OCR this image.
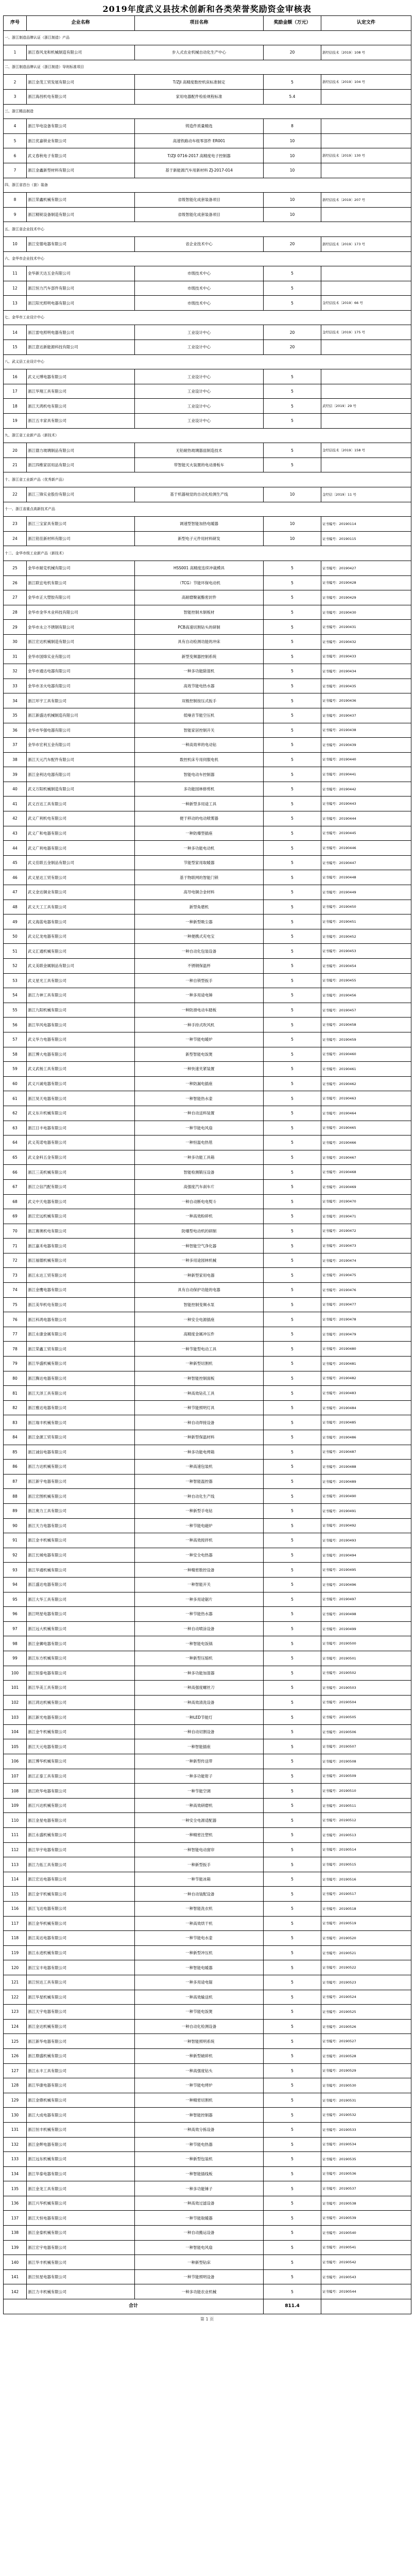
2019年度武义县技术创新和各类荣誉奖励资金审核表
序号	企业名称	项目名称	奖励金额（万元）	认定文件
一、浙江制造品牌认证（浙江制造）产品				
1	浙江春风龙和机械制造有限公司	步入式农业机械自动化生产中心	20	浙经信技术〔2019〕108 号
二、浙江制造品牌认证（浙江制造）导则标准项目				
2	浙江金茂工贸发展有限公司	T/ZJI 高精度数控机床标准制定	5	浙经信技术〔2019〕104 号
3	浙江海昌机电有限公司	家用电器配件检验规程标准	5.4	
三、浙江精品制造				
4	浙江华电设备有限公司	铸造件质量精选	8	
5	浙江优嘉锁业有限公司	高速铁路动车组零部件 ER001	10	
6	武义春秋电子有限公司	T/ZJI 0716-2017 高精度电子控制器	10	浙经信技术〔2019〕130 号
7	浙江金鑫新型材料有限公司	基于新能源汽车用新材料 ZJ-2017-014	10	
四、浙江省首台（套）装备				
8	浙江荣鑫机械有限公司	省级智能化成套装备项目	10	浙经信技术〔2019〕207 号
9	浙江精锐设备制造有限公司	省级智能化成套装备项目	10	
五、浙江省企业技术中心				
10	浙江安德电器有限公司	省企业技术中心	20	浙经信技术〔2019〕173 号
六、金华市企业技术中心				
11	金华新天达五金有限公司	市级技术中心	5	
12	浙江恒力汽车部件有限公司	市级技术中心	5	
13	浙江阳光照明电器有限公司	市级技术中心	5	金经信技术〔2019〕66 号
七、金华市工业设计中心				
14	浙江雷电照明电器有限公司	工业设计中心	20	金经信技术〔2019〕175 号
15	浙江意达新能源科技有限公司	工业设计中心	20	
八、武义县工业设计中心				
16	武义元博电器有限公司	工业设计中心	5	
17	浙江华翔工具有限公司	工业设计中心	5	
18	浙江天鸿机电有限公司	工业设计中心	5	武经信〔2019〕29 号
19	浙江五丰家具有限公司	工业设计中心	5	
九、浙江省工业新产品（新技术）				
20	浙江德力玻璃制品有限公司	无铅耐热玻璃器皿制造技术	5	金经信技术〔2019〕158 号
21	浙江四维家居用品有限公司	带智能灭火装置的电动滑板车	5	
十、浙江省工业新产品（优秀新产品）				
22	浙江三锋实业股份有限公司	基于机器视觉的自动化检测生产线	10	金经信〔2019〕11 号
十一、浙江省重点高新技术产品				
23	浙江三宝家具有限公司	调速型智能加热电暖器	10	证书编号：20190114
24	浙江铭佳新材料有限公司	新型电子元件用材料研发	10	证书编号：20190115
十二、金华市级工业新产品（新技术）				
25	金华市耐克机械有限公司	HSS001 高精度连续冲裁模具	5	证书编号：20190427
26	浙江联宜电机有限公司	（TCG）节能环保电动机	5	证书编号：20190428
27	金华市正大塑胶有限公司	高耐磨聚氨酯密封件	5	证书编号：20190429
28	金华市金华木业科技有限公司	智能控制木制板材	5	证书编号：20190430
29	金华市永立不锈钢有限公司	PCB高速切割钻头的研制	5	证书编号：20190431
30	浙江宏达机械制造有限公司	具有自动检测功能的冲床	5	证书编号：20190432
31	金华市国烽实业有限公司	新型变频器控制系统	5	证书编号：20190433
32	金华市通达电器有限公司	一种多功能除湿机	5	证书编号：20190434
33	金华市圣火电器有限公司	高效节能电热水器	5	证书编号：20190435
34	浙江环宇工具有限公司	双极控制按压式扳手	5	证书编号：20190436
35	浙江新盛达机械制造有限公司	低噪音节能空压机	5	证书编号：20190437
36	金华市华强电器有限公司	智能家居控制开关	5	证书编号：20190438
37	金华市宏利五金有限公司	一种高效率的电动钻	5	证书编号：20190439
38	浙江天元汽车配件有限公司	数控机床专用伺服电机	5	证书编号：20190440
39	浙江金利达电器有限公司	智能电动车控制器	5	证书编号：20190441
40	武义万阳机械制造有限公司	多功能园林修剪机	5	证书编号：20190442
41	武义百达工具有限公司	一种新型多用途工具	5	证书编号：20190443
42	武义广利机电有限公司	便于移动的电动喷雾器	5	证书编号：20190444
43	武义广和电器有限公司	一种防爆型插座	5	证书编号：20190445
44	武义广利电器有限公司	一种多功能电动机	5	证书编号：20190446
45	武义佳联五金制品有限公司	节能型家用取暖器	5	证书编号：20190447
46	武义星达工贸有限公司	基于物联网的智能门锁	5	证书编号：20190448
47	武义金达铜业有限公司	高导电铜合金材料	5	证书编号：20190449
48	武义天工工具有限公司	新型角磨机	5	证书编号：20190450
49	武义海蓝电器有限公司	一种新型吸尘器	5	证书编号：20190451
50	武义亿龙电器有限公司	一种便携式充电宝	5	证书编号：20190452
51	武义汇通机械有限公司	一种自动化包装设备	5	证书编号：20190453
52	武义美联金属制品有限公司	不锈钢保温杯	5	证书编号：20190454
53	武义星光工具有限公司	一种自锁型扳手	5	证书编号：20190455
54	浙江力神工具有限公司	一种多用途电锤	5	证书编号：20190456
55	浙江九阳机械有限公司	一种防滑电动车踏板	5	证书编号：20190457
56	浙江华风电器有限公司	一种手持式吹风机	5	证书编号：20190458
57	武义华力电器有限公司	一种节能电暖炉	5	证书编号：20190459
58	浙江博大电器有限公司	新型智能电饭煲	5	证书编号：20190460
59	武义武杨工具有限公司	一种快速夹紧装置	5	证书编号：20190461
60	武义兴诚电器有限公司	一种防漏电插座	5	证书编号：20190462
61	浙江昊天电器有限公司	一种智能热水壶	5	证书编号：20190463
62	武义东升机械有限公司	一种自动送料装置	5	证书编号：20190464
63	浙江日丰电器有限公司	一种节能电风扇	5	证书编号：20190465
64	武义英诺电器有限公司	一种恒温电热毯	5	证书编号：20190466
65	武义金科五金有限公司	一种多功能工具箱	5	证书编号：20190467
66	浙江三美机械有限公司	智能检测锻压设备	5	证书编号：20190468
67	浙江立信汽配有限公司	高强度汽车刹车片	5	证书编号：20190469
68	武义中天电器有限公司	一种自动断电电熨斗	5	证书编号：20190470
69	浙江宏远机械有限公司	一种高效粉碎机	5	证书编号：20190471
70	浙江赛奥机电有限公司	防爆型电动机的研制	5	证书编号：20190472
71	浙江嘉禾电器有限公司	一种智能空气净化器	5	证书编号：20190473
72	浙江福德机械有限公司	一种多用途园林机械	5	证书编号：20190474
73	浙江永达工贸有限公司	一种新型家用电器	5	证书编号：20190475
74	浙江金鹰电器有限公司	具有自动保护功能的电器	5	证书编号：20190476
75	浙江美华机电有限公司	智能控制变频水泵	5	证书编号：20190477
76	浙江科鸿电器有限公司	一种安全电源插座	5	证书编号：20190478
77	浙江永康金属有限公司	高精度金属冲压件	5	证书编号：20190479
78	浙江荣鑫工贸有限公司	一种节能型电动工具	5	证书编号：20190480
79	浙江华盛机械有限公司	一种新型切割机	5	证书编号：20190481
80	浙江腾达电器有限公司	一种智能控制面板	5	证书编号：20190482
81	浙江天泽工具有限公司	一种高效钻孔工具	5	证书编号：20190483
82	浙江雅达电器有限公司	一种节能照明灯具	5	证书编号：20190484
83	浙江瑞丰机械有限公司	一种自动焊接设备	5	证书编号：20190485
84	浙江金源工贸有限公司	一种新型保温材料	5	证书编号：20190486
85	浙江诚信电器有限公司	一种多功能电烤箱	5	证书编号：20190487
86	浙江力达机械有限公司	一种高速包装机	5	证书编号：20190488
87	浙江新宇电器有限公司	一种智能温控器	5	证书编号：20190489
88	浙江宏图机械有限公司	一种自动化生产线	5	证书编号：20190490
89	浙江奥力工具有限公司	一种新型手电钻	5	证书编号：20190491
90	浙江天力电器有限公司	一种节能电磁炉	5	证书编号：20190492
91	浙江金丰机械有限公司	一种高效搅拌机	5	证书编号：20190493
92	浙江长城电器有限公司	一种安全电热器	5	证书编号：20190494
93	浙江华通机械有限公司	一种精密数控设备	5	证书编号：20190495
94	浙江盛达电器有限公司	一种智能开关	5	证书编号：20190496
95	浙江大华工具有限公司	一种多用途锯片	5	证书编号：20190497
96	浙江明星电器有限公司	一种节能热水器	5	证书编号：20190498
97	浙江远大机械有限公司	一种自动喷涂设备	5	证书编号：20190499
98	浙江金狮电器有限公司	一种智能电饭锅	5	证书编号：20190500
99	浙江东方机械有限公司	一种新型压缩机	5	证书编号：20190501
100	浙江恒泰电器有限公司	一种多功能加湿器	5	证书编号：20190502
101	浙江华美工具有限公司	一种高强度螺丝刀	5	证书编号：20190503
102	浙江鸿达机械有限公司	一种高效清洗设备	5	证书编号：20190504
103	浙江新光电器有限公司	一种LED节能灯	5	证书编号：20190505
104	浙江金牛机械有限公司	一种自动切割设备	5	证书编号：20190506
105	浙江天元电器有限公司	一种智能插座	5	证书编号：20190507
106	浙江博华机械有限公司	一种新型传送带	5	证书编号：20190508
107	浙江正泰工具有限公司	一种多功能钳子	5	证书编号：20190509
108	浙江欧华电器有限公司	一种节能空调	5	证书编号：20190510
109	浙江兴达机械有限公司	一种高效研磨机	5	证书编号：20190511
110	浙江金星电器有限公司	一种安全电源适配器	5	证书编号：20190512
111	浙江永盛机械有限公司	一种精密注塑机	5	证书编号：20190513
112	浙江华宇电器有限公司	一种智能电动窗帘	5	证书编号：20190514
113	浙江力拓工具有限公司	一种新型扳手	5	证书编号：20190515
114	浙江宏达电器有限公司	一种节能冰箱	5	证书编号：20190516
115	浙江金宇机械有限公司	一种自动装配设备	5	证书编号：20190517
116	浙江飞达电器有限公司	一种智能洗衣机	5	证书编号：20190518
117	浙江金华机械有限公司	一种高效烘干机	5	证书编号：20190519
118	浙江美达电器有限公司	一种节能电水壶	5	证书编号：20190520
119	浙江永进机械有限公司	一种新型冲压机	5	证书编号：20190521
120	浙江宝丰电器有限公司	一种智能电暖器	5	证书编号：20190522
121	浙江恒达工具有限公司	一种多用途电锯	5	证书编号：20190523
122	浙江华星机械有限公司	一种高效输送机	5	证书编号：20190524
123	浙江天宇电器有限公司	一种节能电饭煲	5	证书编号：20190525
124	浙江金达机械有限公司	一种自动化检测设备	5	证书编号：20190526
125	浙江新华电器有限公司	一种智能照明系统	5	证书编号：20190527
126	浙江鼎盛机械有限公司	一种新型破碎机	5	证书编号：20190528
127	浙江永丰工具有限公司	一种高强度钻头	5	证书编号：20190529
128	浙江华康电器有限公司	一种节能电烤炉	5	证书编号：20190530
129	浙江金鼎机械有限公司	一种精密切割机	5	证书编号：20190531
130	浙江大成电器有限公司	一种智能控制器	5	证书编号：20190532
131	浙江恒丰机械有限公司	一种高效分拣设备	5	证书编号：20190533
132	浙江金辉电器有限公司	一种节能电热器	5	证书编号：20190534
133	浙江远东机械有限公司	一种新型包装机	5	证书编号：20190535
134	浙江华泰电器有限公司	一种智能插线板	5	证书编号：20190536
135	浙江金龙工具有限公司	一种多功能锤子	5	证书编号：20190537
136	浙江兴华机械有限公司	一种高效过滤设备	5	证书编号：20190538
137	浙江天恒电器有限公司	一种节能取暖器	5	证书编号：20190539
138	浙江金泰机械有限公司	一种自动搬运设备	5	证书编号：20190540
139	浙江宏宇电器有限公司	一种智能电风扇	5	证书编号：20190541
140	浙江华丰机械有限公司	一种新型钻床	5	证书编号：20190542
141	浙江恒星电器有限公司	一种节能照明设备	5	证书编号：20190543
142	浙江力丰机械有限公司	一种多功能农业机械	5	证书编号：20190544
合计			811.4	
第 1 页
